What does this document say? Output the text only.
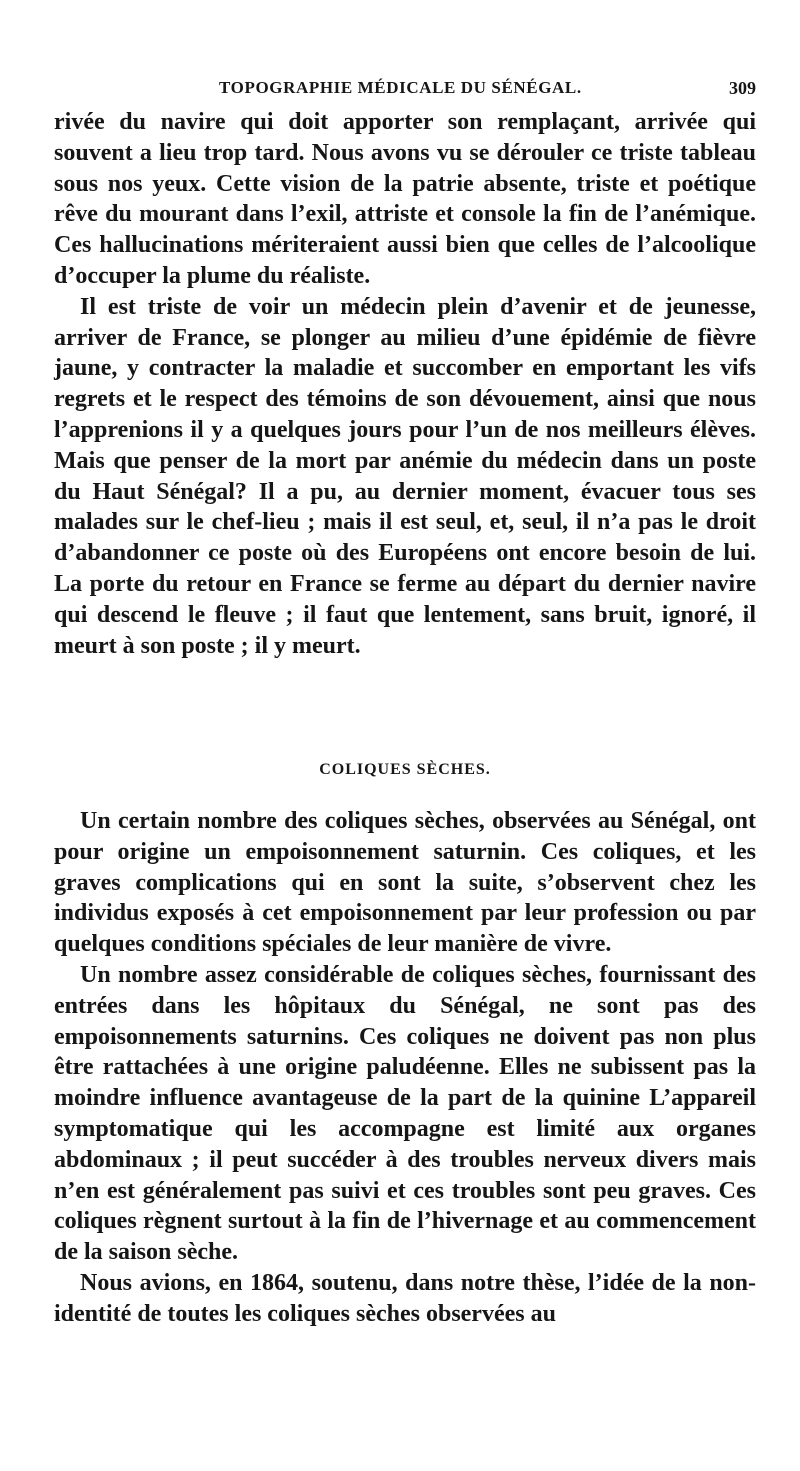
TOPOGRAPHIE MÉDICALE DU SÉNÉGAL.	309

rivée du navire qui doit apporter son remplaçant, arrivée qui souvent a lieu trop tard. Nous avons vu se dérouler ce triste tableau sous nos yeux. Cette vision de la patrie absente, triste et poétique rêve du mourant dans l’exil, attriste et console la fin de l’anémique. Ces hallucinations mériteraient aussi bien que celles de l’alcoolique d’occuper la plume du réaliste.

Il est triste de voir un médecin plein d’avenir et de jeunesse, arriver de France, se plonger au milieu d’une épidémie de fièvre jaune, y contracter la maladie et succomber en emportant les vifs regrets et le respect des témoins de son dévouement, ainsi que nous l’apprenions il y a quelques jours pour l’un de nos meilleurs élèves. Mais que penser de la mort par anémie du médecin dans un poste du Haut Sénégal? Il a pu, au dernier moment, évacuer tous ses malades sur le chef-lieu ; mais il est seul, et, seul, il n’a pas le droit d’abandonner ce poste où des Européens ont encore besoin de lui. La porte du retour en France se ferme au départ du dernier navire qui descend le fleuve ; il faut que lentement, sans bruit, ignoré, il meurt à son poste ; il y meurt.

COLIQUES SÈCHES.

Un certain nombre des coliques sèches, observées au Sénégal, ont pour origine un empoisonnement saturnin. Ces coliques, et les graves complications qui en sont la suite, s’observent chez les individus exposés à cet empoisonnement par leur profession ou par quelques conditions spéciales de leur manière de vivre.

Un nombre assez considérable de coliques sèches, fournissant des entrées dans les hôpitaux du Sénégal, ne sont pas des empoisonnements saturnins. Ces coliques ne doivent pas non plus être rattachées à une origine paludéenne. Elles ne subissent pas la moindre influence avantageuse de la part de la quinine L’appareil symptomatique qui les accompagne est limité aux organes abdominaux ; il peut succéder à des troubles nerveux divers mais n’en est généralement pas suivi et ces troubles sont peu graves. Ces coliques règnent surtout à la fin de l’hivernage et au commencement de la saison sèche.

Nous avions, en 1864, soutenu, dans notre thèse, l’idée de la non-identité de toutes les coliques sèches observées au
